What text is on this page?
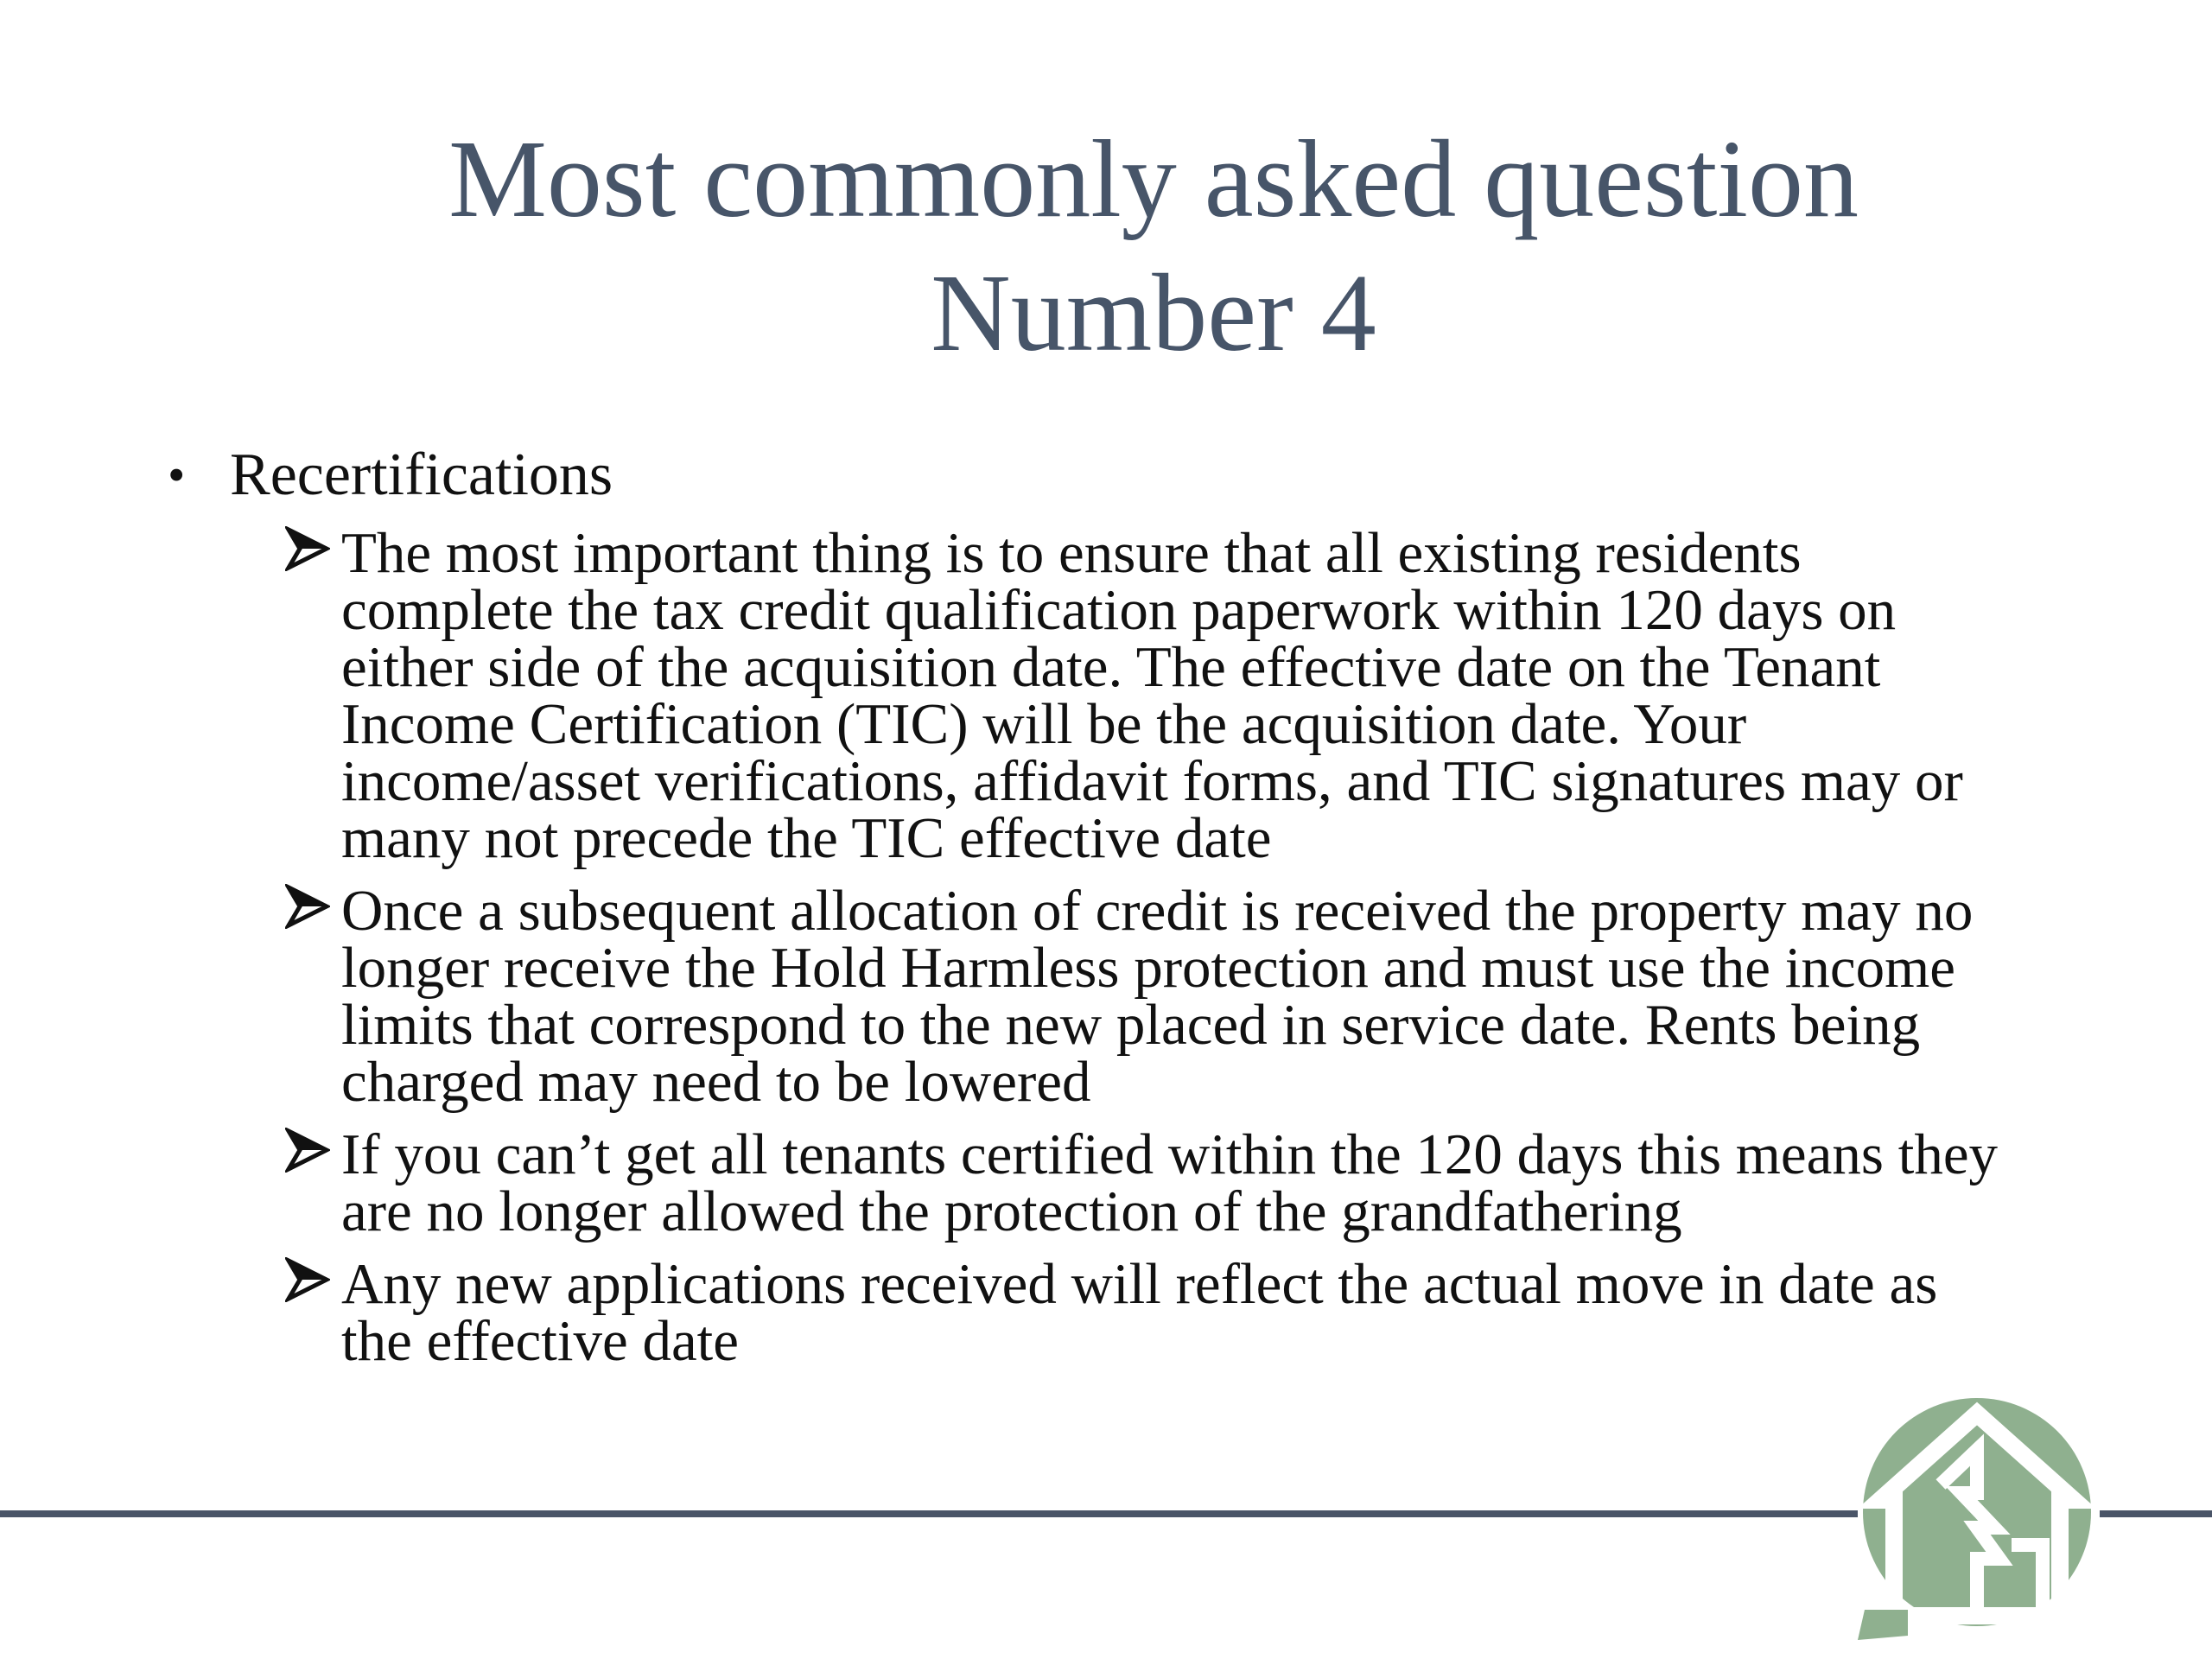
Most commonly asked question
Number 4
• Recertifications
The most important thing is to ensure that all existing residents complete the tax credit qualification paperwork within 120 days on either side of the acquisition date. The effective date on the Tenant Income Certification (TIC) will be the acquisition date. Your income/asset verifications, affidavit forms, and TIC signatures may or many not precede the TIC effective date
Once a subsequent allocation of credit is received the property may no longer receive the Hold Harmless protection and must use the income limits that correspond to the new placed in service date. Rents being charged may need to be lowered
If you can’t get all tenants certified within the 120 days this means they are no longer allowed the protection of the grandfathering
Any new applications received will reflect the actual move in date as the effective date
